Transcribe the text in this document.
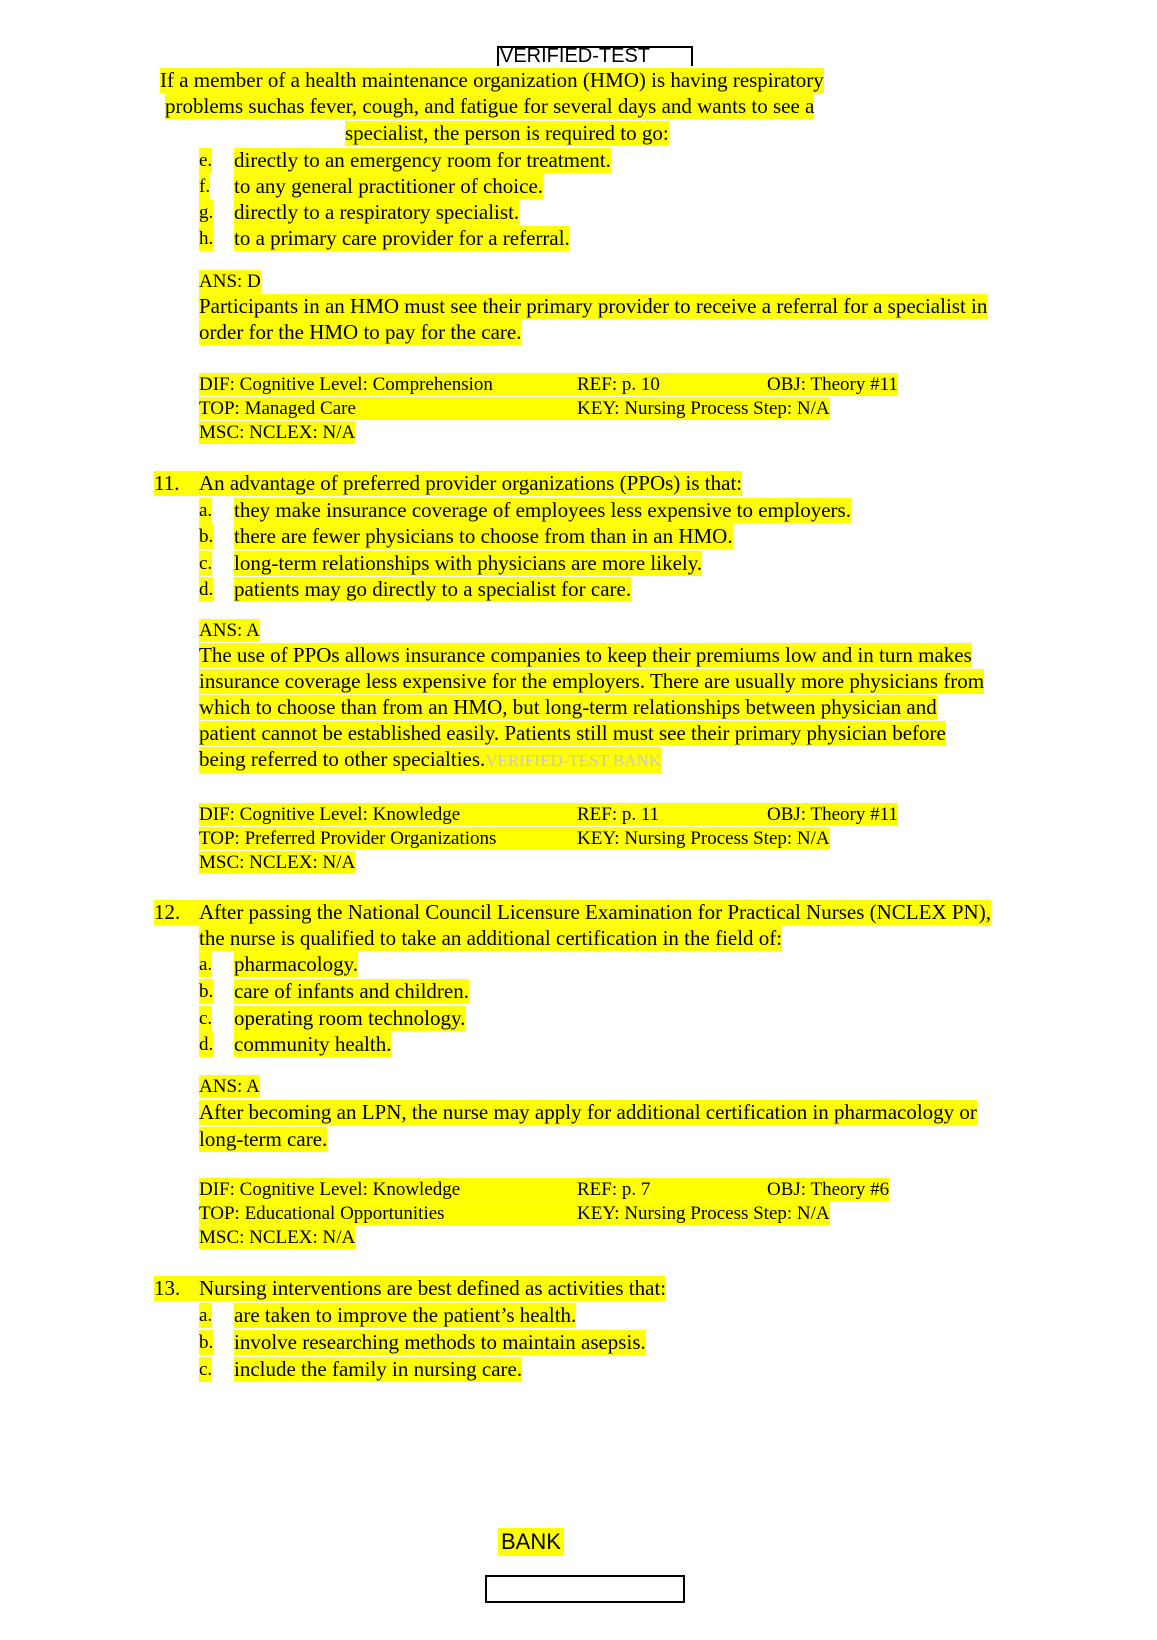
VERIFIED-TEST
If a member of a health maintenance organization (HMO) is having respiratory
problems suchas fever, cough, and fatigue for several days and wants to see a
specialist, the person is required to go:
e. directly to an emergency room for treatment.
f. to any general practitioner of choice.
g. directly to a respiratory specialist.
h. to a primary care provider for a referral.
ANS: D
Participants in an HMO must see their primary provider to receive a referral for a specialist in
order for the HMO to pay for the care.
DIF: Cognitive Level: Comprehension	REF: p. 10	OBJ: Theory #11
TOP: Managed Care	KEY: Nursing Process Step: N/A
MSC: NCLEX: N/A
11. An advantage of preferred provider organizations (PPOs) is that:
a. they make insurance coverage of employees less expensive to employers.
b. there are fewer physicians to choose from than in an HMO.
c. long-term relationships with physicians are more likely.
d. patients may go directly to a specialist for care.
ANS: A
The use of PPOs allows insurance companies to keep their premiums low and in turn makes
insurance coverage less expensive for the employers. There are usually more physicians from
which to choose than from an HMO, but long-term relationships between physician and
patient cannot be established easily. Patients still must see their primary physician before
being referred to other specialties.VERIFIED-TEST BANK
DIF: Cognitive Level: Knowledge	REF: p. 11	OBJ: Theory #11
TOP: Preferred Provider Organizations	KEY: Nursing Process Step: N/A
MSC: NCLEX: N/A
12. After passing the National Council Licensure Examination for Practical Nurses (NCLEX PN),
the nurse is qualified to take an additional certification in the field of:
a. pharmacology.
b. care of infants and children.
c. operating room technology.
d. community health.
ANS: A
After becoming an LPN, the nurse may apply for additional certification in pharmacology or
long-term care.
DIF: Cognitive Level: Knowledge	REF: p. 7	OBJ: Theory #6
TOP: Educational Opportunities	KEY: Nursing Process Step: N/A
MSC: NCLEX: N/A
13. Nursing interventions are best defined as activities that:
a. are taken to improve the patient’s health.
b. involve researching methods to maintain asepsis.
c. include the family in nursing care.
BANK
